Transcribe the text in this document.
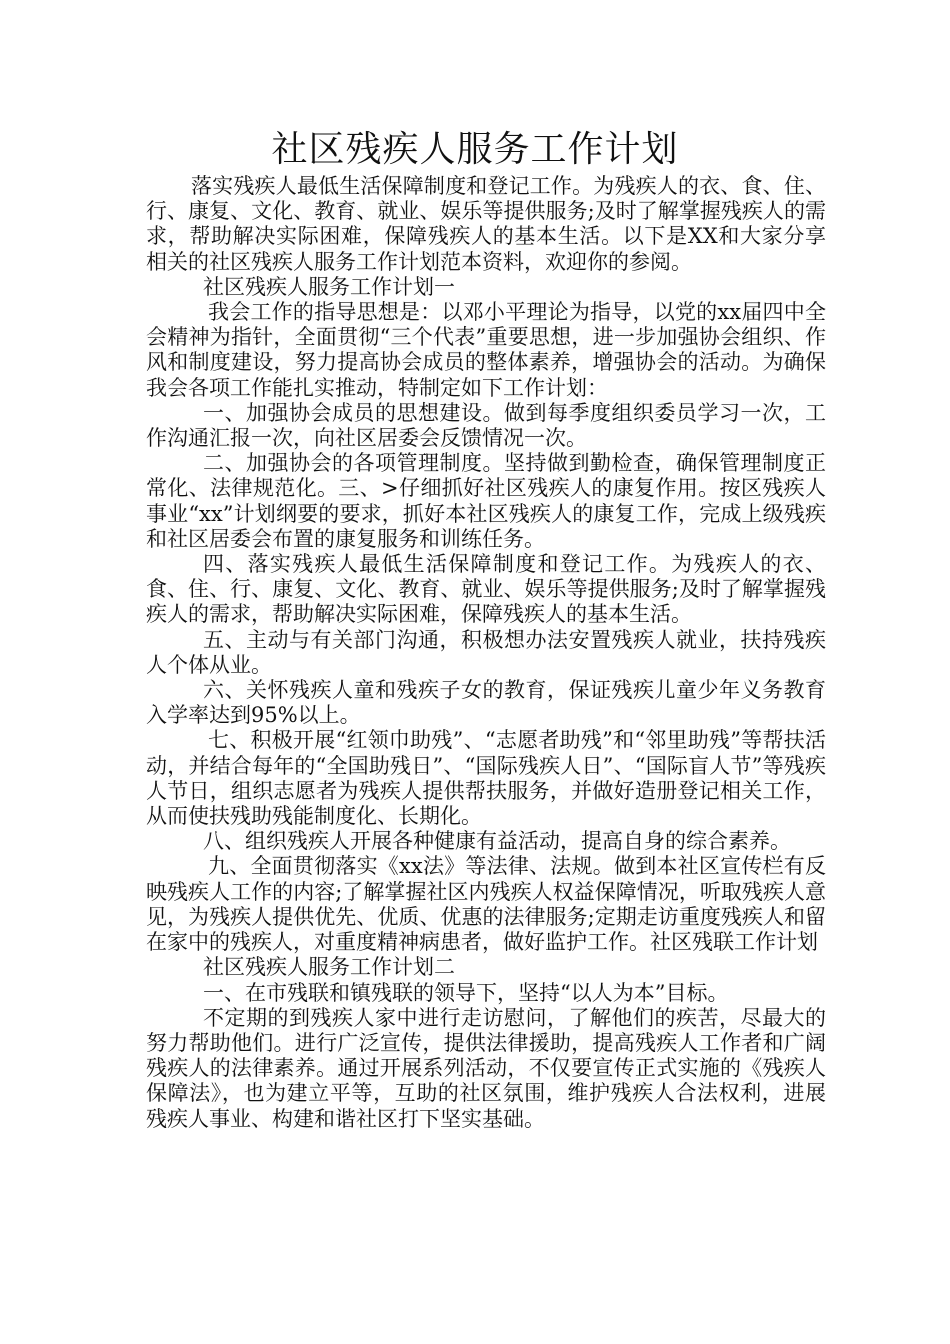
社区残疾人服务工作计划

落实残疾人最低生活保障制度和登记工作。为残疾人的衣、食、住、行、康复、文化、教育、就业、娱乐等提供服务;及时了解掌握残疾人的需求，帮助解决实际困难，保障残疾人的基本生活。以下是XX和大家分享相关的社区残疾人服务工作计划范本资料，欢迎你的参阅。

社区残疾人服务工作计划一

我会工作的指导思想是：以邓小平理论为指导，以党的xx届四中全会精神为指针，全面贯彻“三个代表”重要思想，进一步加强协会组织、作风和制度建设，努力提高协会成员的整体素养，增强协会的活动。为确保我会各项工作能扎实推动，特制定如下工作计划：

一、加强协会成员的思想建设。做到每季度组织委员学习一次，工作沟通汇报一次，向社区居委会反馈情况一次。

二、加强协会的各项管理制度。坚持做到勤检查，确保管理制度正常化、法律规范化。三、>仔细抓好社区残疾人的康复作用。按区残疾人事业“xx”计划纲要的要求，抓好本社区残疾人的康复工作，完成上级残疾和社区居委会布置的康复服务和训练任务。

四、落实残疾人最低生活保障制度和登记工作。为残疾人的衣、食、住、行、康复、文化、教育、就业、娱乐等提供服务;及时了解掌握残疾人的需求，帮助解决实际困难，保障残疾人的基本生活。

五、主动与有关部门沟通，积极想办法安置残疾人就业，扶持残疾人个体从业。

六、关怀残疾人童和残疾子女的教育，保证残疾儿童少年义务教育入学率达到95%以上。

七、积极开展“红领巾助残”、“志愿者助残”和“邻里助残”等帮扶活动，并结合每年的“全国助残日”、“国际残疾人日”、“国际盲人节”等残疾人节日，组织志愿者为残疾人提供帮扶服务，并做好造册登记相关工作，从而使扶残助残能制度化、长期化。

八、组织残疾人开展各种健康有益活动，提高自身的综合素养。

九、全面贯彻落实《xx法》等法律、法规。做到本社区宣传栏有反映残疾人工作的内容;了解掌握社区内残疾人权益保障情况，听取残疾人意见，为残疾人提供优先、优质、优惠的法律服务;定期走访重度残疾人和留在家中的残疾人，对重度精神病患者，做好监护工作。社区残联工作计划

社区残疾人服务工作计划二

一、在市残联和镇残联的领导下，坚持“以人为本”目标。

不定期的到残疾人家中进行走访慰问，了解他们的疾苦，尽最大的努力帮助他们。进行广泛宣传，提供法律援助，提高残疾人工作者和广阔残疾人的法律素养。通过开展系列活动，不仅要宣传正式实施的《残疾人保障法》，也为建立平等，互助的社区氛围，维护残疾人合法权利，进展残疾人事业、构建和谐社区打下坚实基础。
